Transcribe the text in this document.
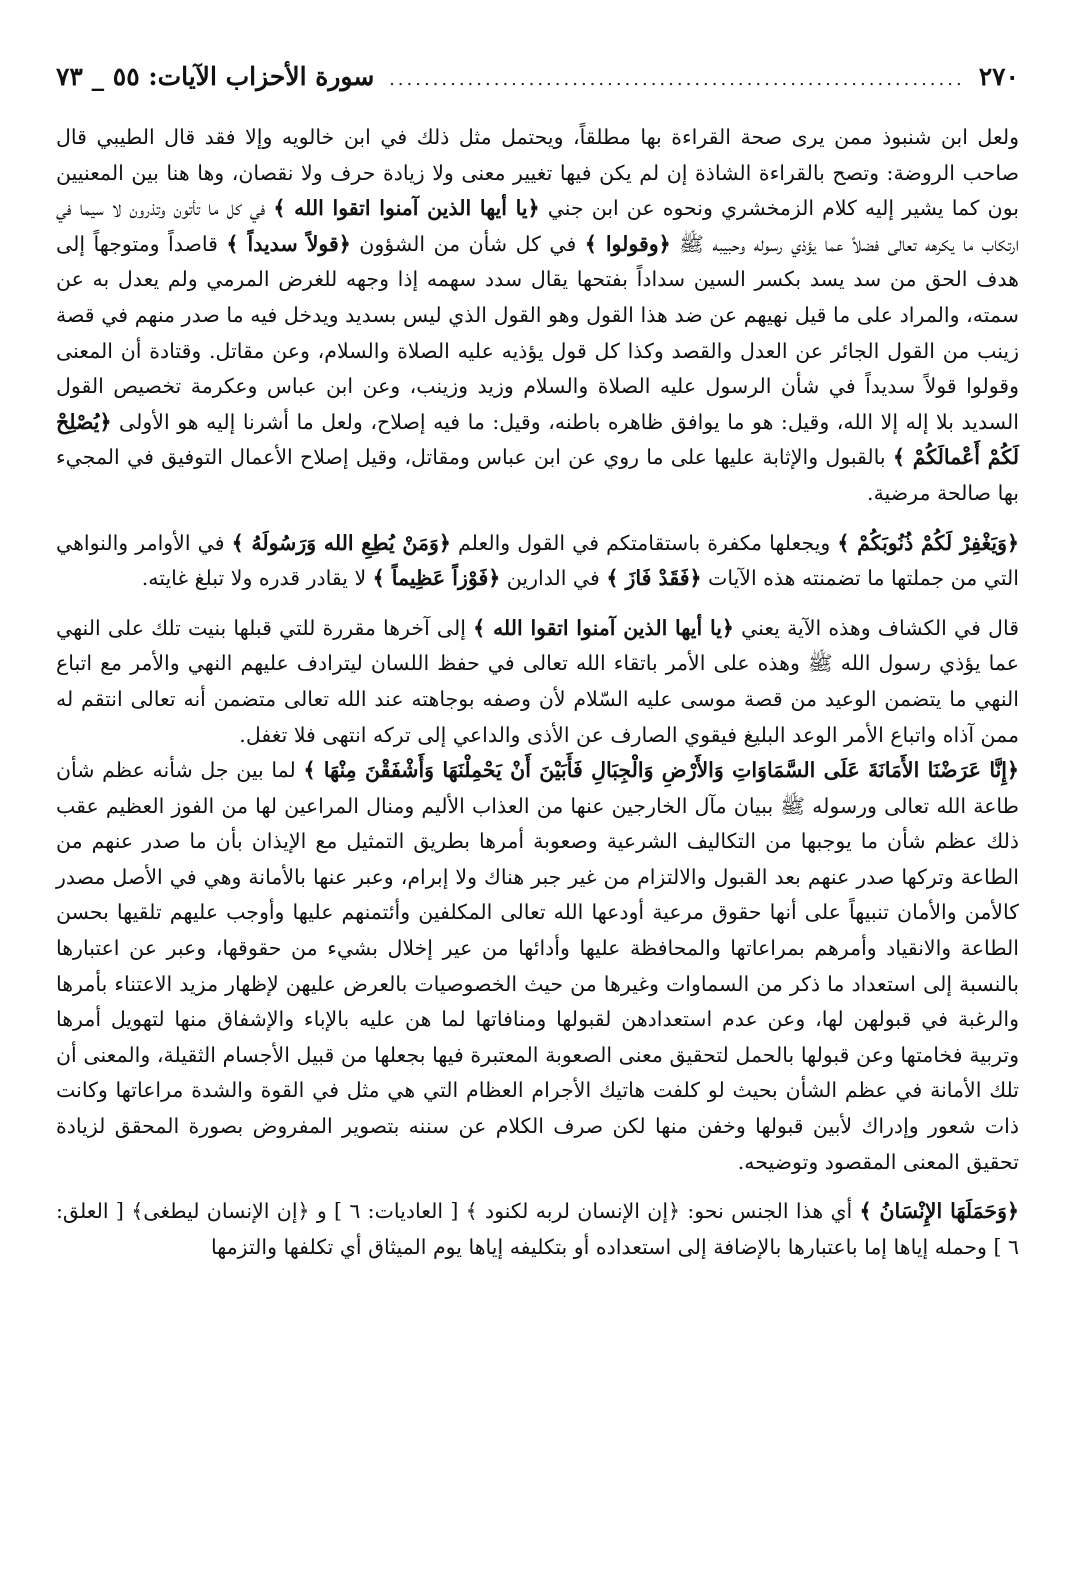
٢٧٠
.....
سورة الأحزاب الآيات: ٥٥ _ ٧٣

ولعل ابن شنبوذ ممن يرى صحة القراءة بها مطلقاً، ويحتمل مثل ذلك في ابن خالويه وإلا فقد قال الطيبي قال صاحب الروضة: وتصح بالقراءة الشاذة إن لم يكن فيها تغيير معنى ولا زيادة حرف ولا نقصان، وها هنا بين المعنيين بون كما يشير إليه كلام الزمخشري ونحوه عن ابن جني ﴿يا أيها الذين آمنوا اتقوا الله ﴾ في كل ما تأتون وتذرون لا سيما في ارتكاب ما يكرهه تعالى فضلاً عما يؤذي رسوله وحبيبه ﷺ ﴿وقولوا ﴾ في كل شأن من الشؤون ﴿قولاً سديداً ﴾ قاصداً ومتوجهاً إلى هدف الحق من سد يسد بكسر السين سداداً بفتحها يقال سدد سهمه إذا وجهه للغرض المرمي ولم يعدل به عن سمته، والمراد على ما قيل نهيهم عن ضد هذا القول وهو القول الذي ليس بسديد ويدخل فيه ما صدر منهم في قصة زينب من القول الجائر عن العدل والقصد وكذا كل قول يؤذيه عليه الصلاة والسلام، وعن مقاتل. وقتادة أن المعنى وقولوا قولاً سديداً في شأن الرسول عليه الصلاة والسلام وزيد وزينب، وعن ابن عباس وعكرمة تخصيص القول السديد بلا إله إلا الله، وقيل: هو ما يوافق ظاهره باطنه، وقيل: ما فيه إصلاح، ولعل ما أشرنا إليه هو الأولى ﴿يُصْلِحْ لَكُمْ أَعْمالَكُمْ ﴾ بالقبول والإثابة عليها على ما روي عن ابن عباس ومقاتل، وقيل إصلاح الأعمال التوفيق في المجيء بها صالحة مرضية.

﴿وَيَغْفِرْ لَكُمْ ذُنُوبَكُمْ ﴾ ويجعلها مكفرة باستقامتكم في القول والعلم ﴿وَمَنْ يُطِعِ الله وَرَسُولَهُ ﴾ في الأوامر والنواهي التي من جملتها ما تضمنته هذه الآيات ﴿فَقَدْ فَازَ ﴾ في الدارين ﴿فَوْزاً عَظِيماً ﴾ لا يقادر قدره ولا تبلغ غايته.

قال في الكشاف وهذه الآية يعني ﴿يا أيها الذين آمنوا اتقوا الله ﴾ إلى آخرها مقررة للتي قبلها بنيت تلك على النهي عما يؤذي رسول الله ﷺ وهذه على الأمر باتقاء الله تعالى في حفظ اللسان ليترادف عليهم النهي والأمر مع اتباع النهي ما يتضمن الوعيد من قصة موسى عليه السّلام لأن وصفه بوجاهته عند الله تعالى متضمن أنه تعالى انتقم له ممن آذاه واتباع الأمر الوعد البليغ فيقوي الصارف عن الأذى والداعي إلى تركه انتهى فلا تغفل.

﴿إِنَّا عَرَضْنَا الأَمَانَةَ عَلَى السَّمَاوَاتِ وَالأَرْضِ وَالْجِبَالِ فَأَبَيْنَ أَنْ يَحْمِلْنَهَا وَأَشْفَقْنَ مِنْهَا ﴾ لما بين جل شأنه عظم شأن طاعة الله تعالى ورسوله ﷺ ببيان مآل الخارجين عنها من العذاب الأليم ومنال المراعين لها من الفوز العظيم عقب ذلك عظم شأن ما يوجبها من التكاليف الشرعية وصعوبة أمرها بطريق التمثيل مع الإيذان بأن ما صدر عنهم من الطاعة وتركها صدر عنهم بعد القبول والالتزام من غير جبر هناك ولا إبرام، وعبر عنها بالأمانة وهي في الأصل مصدر كالأمن والأمان تنبيهاً على أنها حقوق مرعية أودعها الله تعالى المكلفين وأئتمنهم عليها وأوجب عليهم تلقيها بحسن الطاعة والانقياد وأمرهم بمراعاتها والمحافظة عليها وأدائها من عير إخلال بشيء من حقوقها، وعبر عن اعتبارها بالنسبة إلى استعداد ما ذكر من السماوات وغيرها من حيث الخصوصيات بالعرض عليهن لإظهار مزيد الاعتناء بأمرها والرغبة في قبولهن لها، وعن عدم استعدادهن لقبولها ومنافاتها لما هن عليه بالإباء والإشفاق منها لتهويل أمرها وتربية فخامتها وعن قبولها بالحمل لتحقيق معنى الصعوبة المعتبرة فيها بجعلها من قبيل الأجسام الثقيلة، والمعنى أن تلك الأمانة في عظم الشأن بحيث لو كلفت هاتيك الأجرام العظام التي هي مثل في القوة والشدة مراعاتها وكانت ذات شعور وإدراك لأبين قبولها وخفن منها لكن صرف الكلام عن سننه بتصوير المفروض بصورة المحقق لزيادة تحقيق المعنى المقصود وتوضيحه.

﴿وَحَمَلَهَا الإِنْسَانُ ﴾ أي هذا الجنس نحو: ﴿إن الإنسان لربه لكنود ﴾ [ العاديات: ٦ ] و ﴿إن الإنسان ليطغى﴾ [ العلق: ٦ ] وحمله إياها إما باعتبارها بالإضافة إلى استعداده أو بتكليفه إياها يوم الميثاق أي تكلفها والتزمها
